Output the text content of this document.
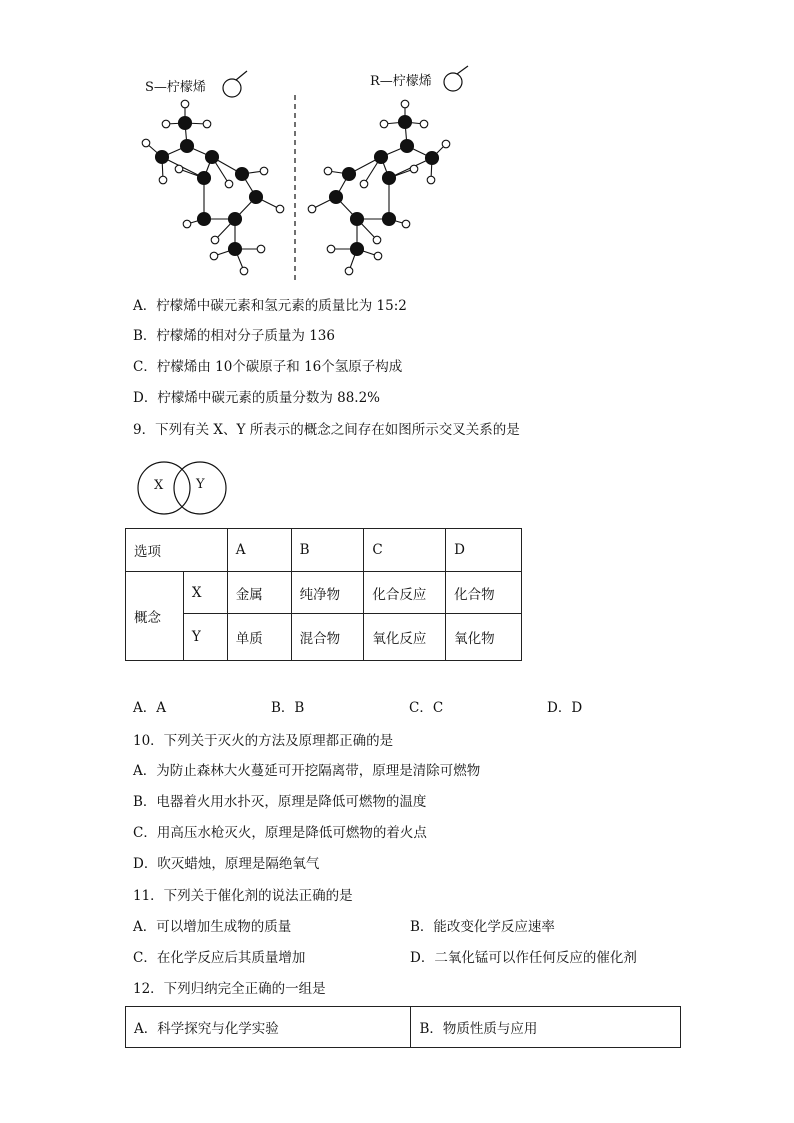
S—柠檬烯	R—柠檬烯
A．柠檬烯中碳元素和氢元素的质量比为 15:2
B．柠檬烯的相对分子质量为 136
C．柠檬烯由 10个碳原子和 16个氢原子构成
D．柠檬烯中碳元素的质量分数为 88.2%
9．下列有关 X、Y 所表示的概念之间存在如图所示交叉关系的是
X	Y
选项		A	B	C	D
概念	X	金属	纯净物	化合反应	化合物
	Y	单质	混合物	氧化反应	氧化物
A．A	B．B	C．C	D．D
10．下列关于灭火的方法及原理都正确的是
A．为防止森林大火蔓延可开挖隔离带，原理是清除可燃物
B．电器着火用水扑灭，原理是降低可燃物的温度
C．用高压水枪灭火，原理是降低可燃物的着火点
D．吹灭蜡烛，原理是隔绝氧气
11．下列关于催化剂的说法正确的是
A．可以增加生成物的质量	B．能改变化学反应速率
C．在化学反应后其质量增加	D．二氧化锰可以作任何反应的催化剂
12．下列归纳完全正确的一组是
A．科学探究与化学实验	B．物质性质与应用
